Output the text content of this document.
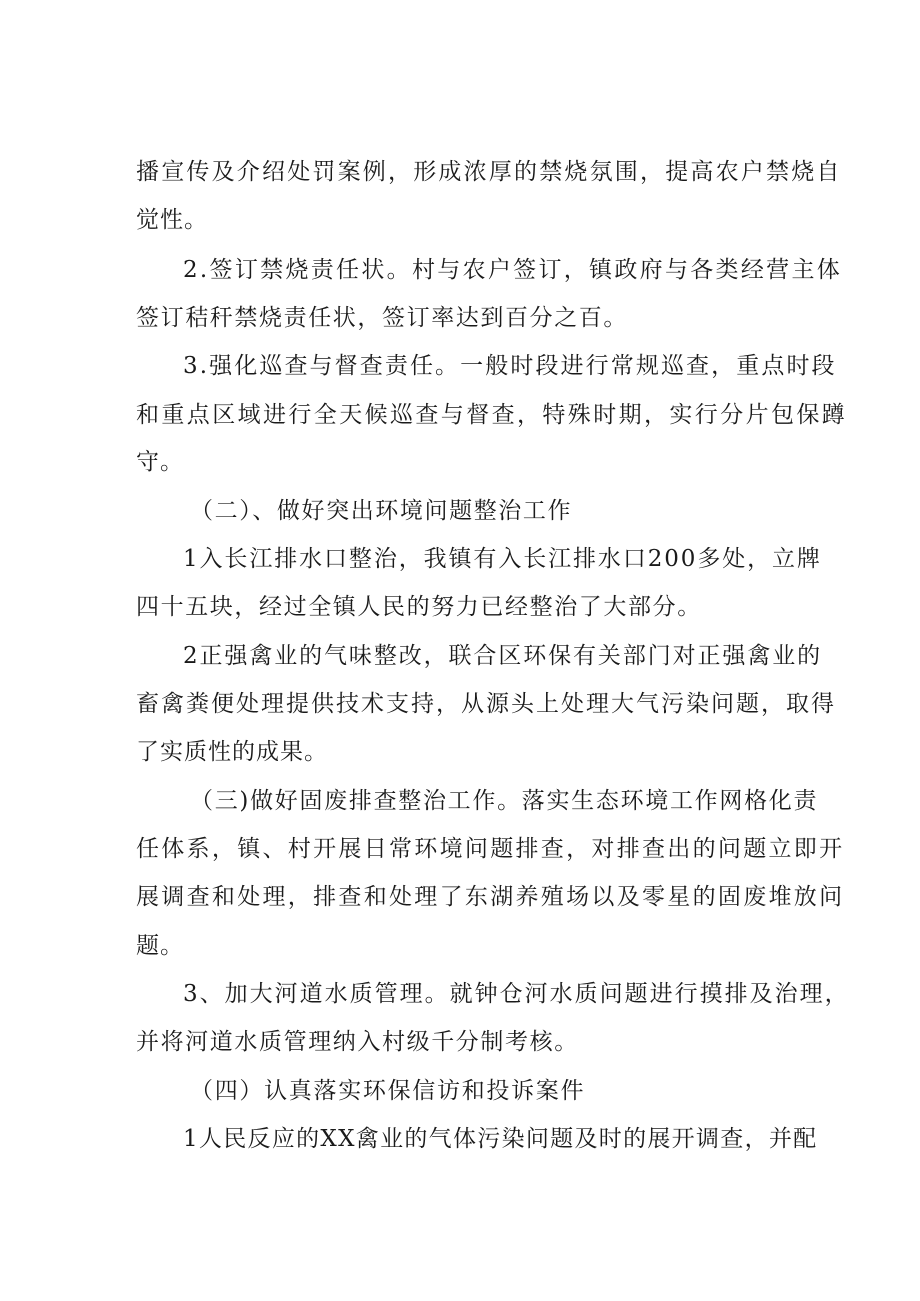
播宣传及介绍处罚案例，形成浓厚的禁烧氛围，提高农户禁烧自
觉性。
2.签订禁烧责任状。村与农户签订，镇政府与各类经营主体
签订秸秆禁烧责任状，签订率达到百分之百。
3.强化巡查与督查责任。一般时段进行常规巡查，重点时段
和重点区域进行全天候巡查与督查，特殊时期，实行分片包保蹲
守。
（二）、做好突出环境问题整治工作
1入长江排水口整治，我镇有入长江排水口200多处，立牌
四十五块，经过全镇人民的努力已经整治了大部分。
2正强禽业的气味整改，联合区环保有关部门对正强禽业的
畜禽粪便处理提供技术支持，从源头上处理大气污染问题，取得
了实质性的成果。
（三)做好固废排查整治工作。落实生态环境工作网格化责
任体系，镇、村开展日常环境问题排查，对排查出的问题立即开
展调查和处理，排查和处理了东湖养殖场以及零星的固废堆放问
题。
3、加大河道水质管理。就钟仓河水质问题进行摸排及治理，
并将河道水质管理纳入村级千分制考核。
（四）认真落实环保信访和投诉案件
1人民反应的XX禽业的气体污染问题及时的展开调查，并配
